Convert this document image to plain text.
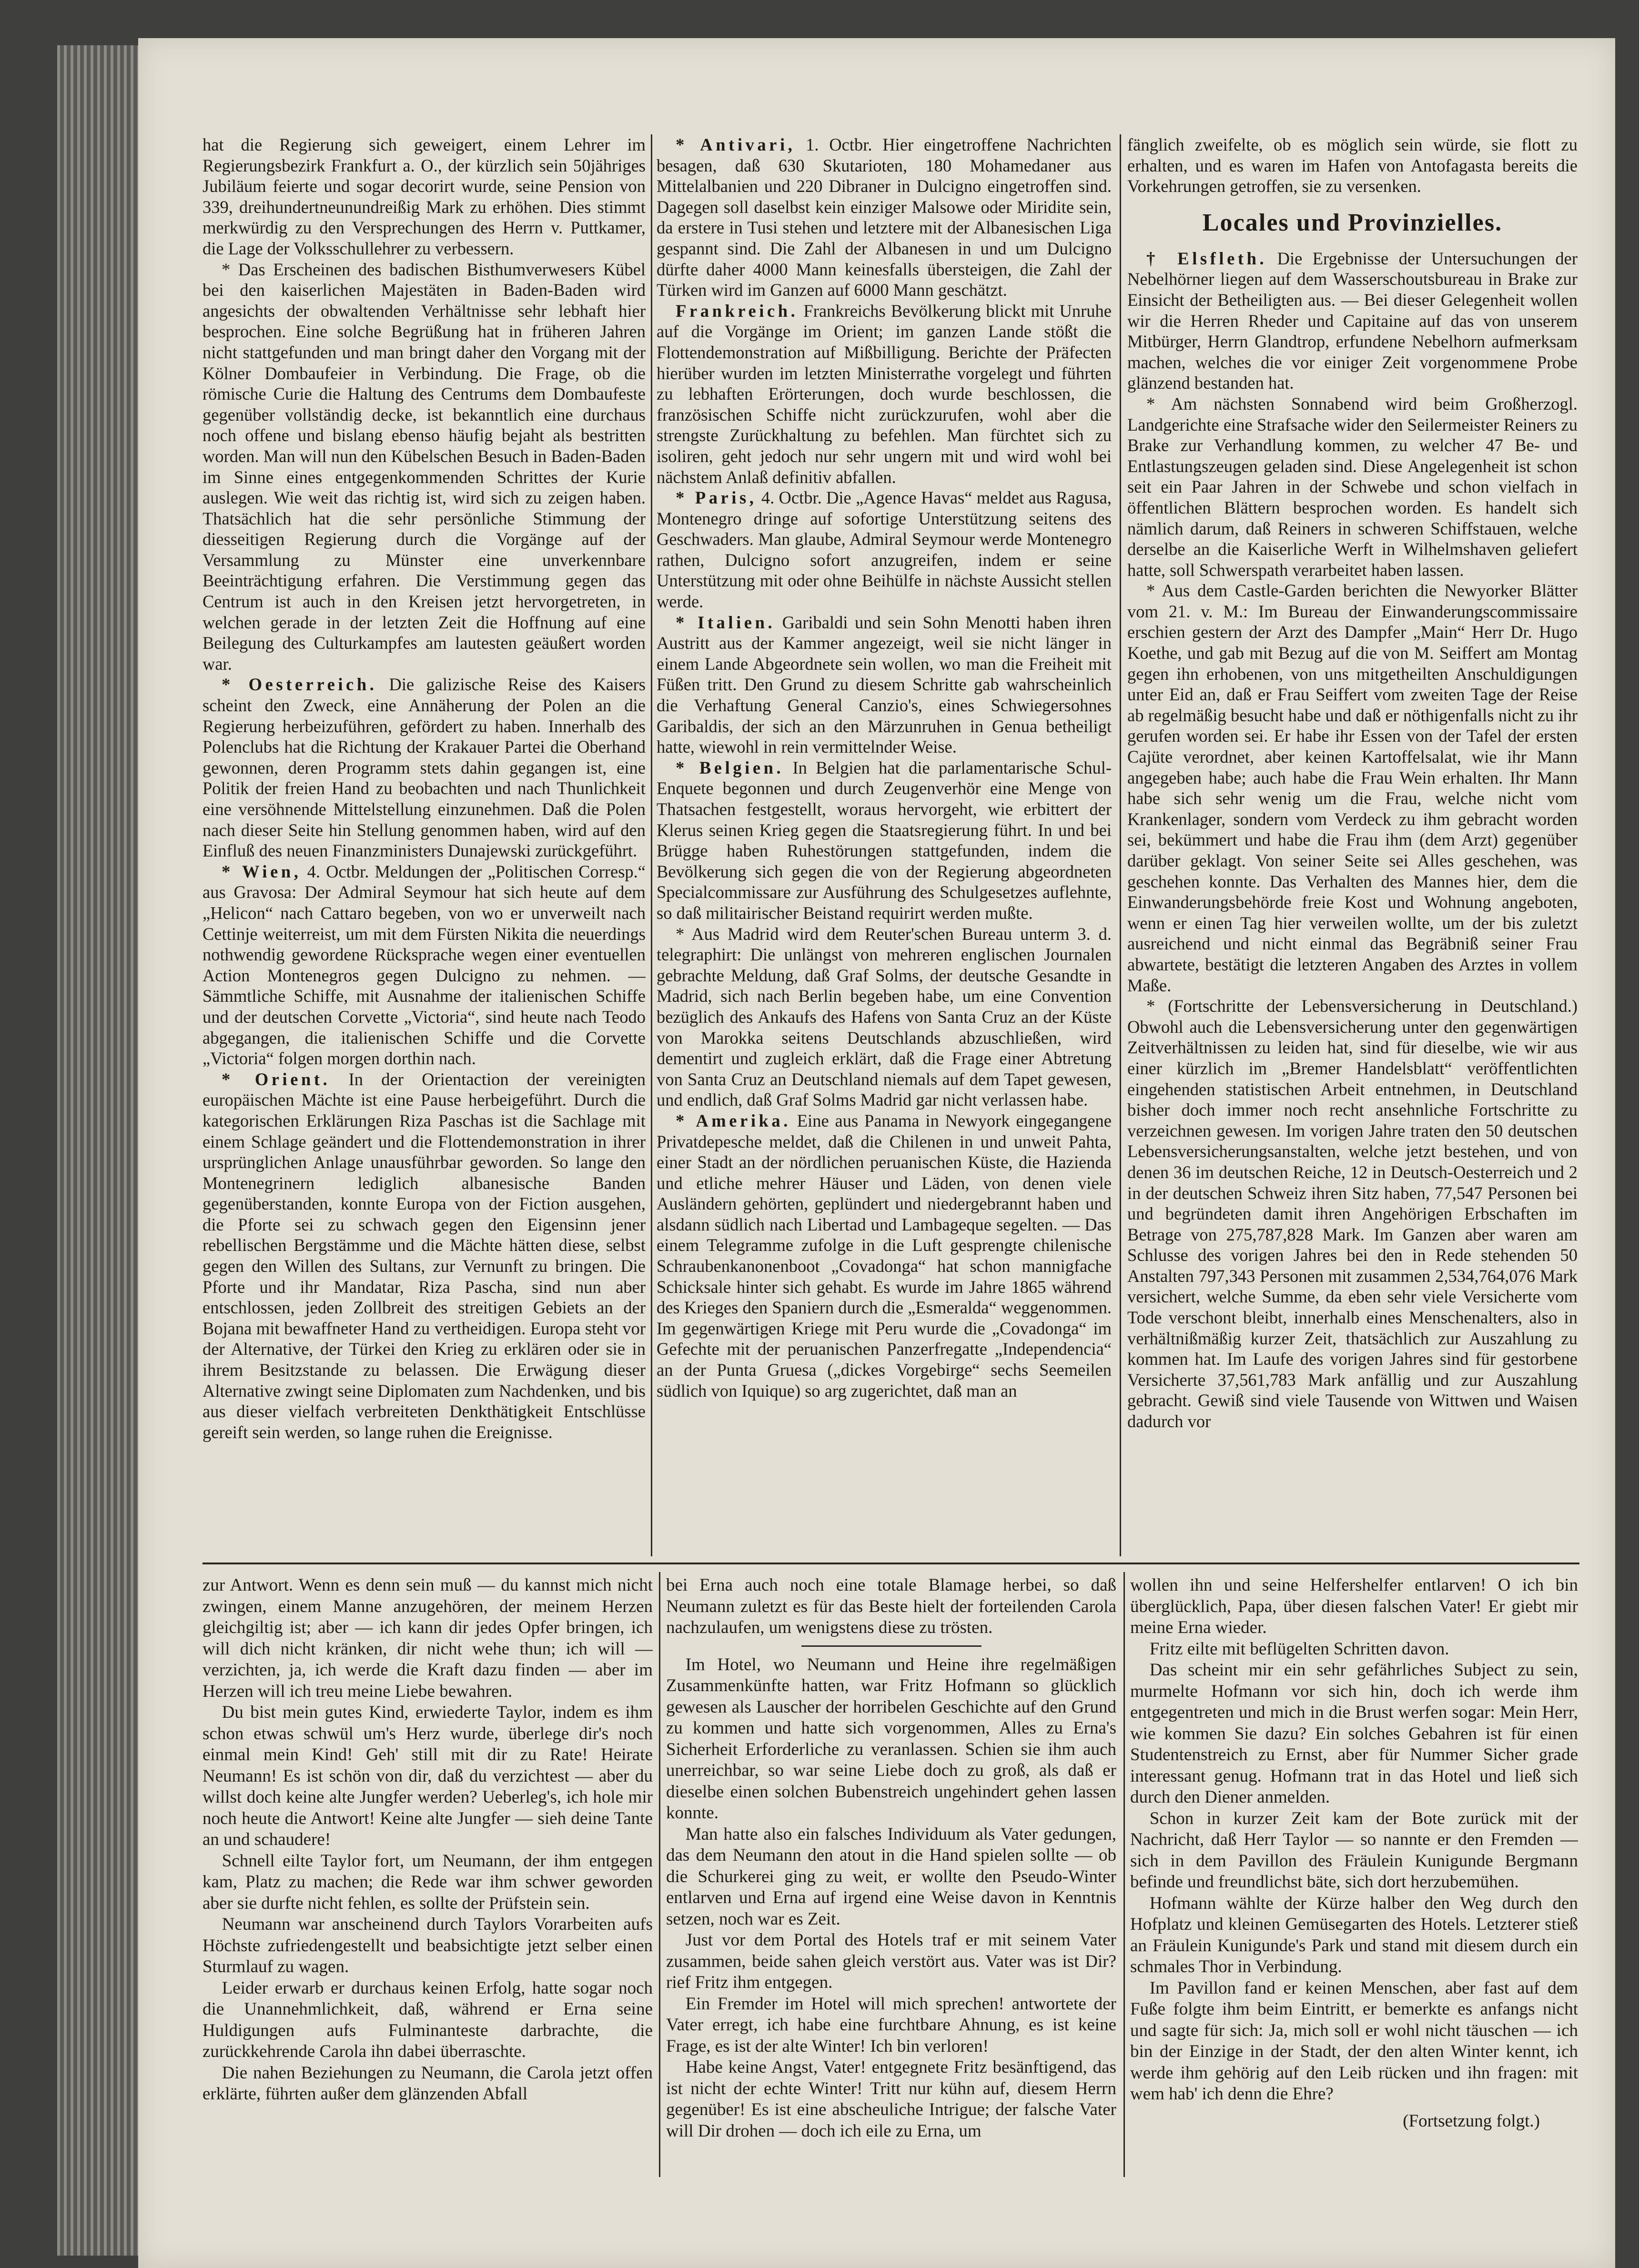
hat die Regierung sich geweigert, einem Lehrer im Regierungsbezirk Frankfurt a. O., der kürzlich sein 50jähriges Jubiläum feierte und sogar decorirt wurde, seine Pension von 339, dreihundertneunundreißig Mark zu erhöhen. Dies stimmt merkwürdig zu den Versprechungen des Herrn v. Puttkamer, die Lage der Volksschullehrer zu verbessern.

* Das Erscheinen des badischen Bisthumverwesers Kübel bei den kaiserlichen Majestäten in Baden-Baden wird angesichts der obwaltenden Verhältnisse sehr lebhaft hier besprochen. Eine solche Begrüßung hat in früheren Jahren nicht stattgefunden und man bringt daher den Vorgang mit der Kölner Dombaufeier in Verbindung. Die Frage, ob die römische Curie die Haltung des Centrums dem Dombaufeste gegenüber vollständig decke, ist bekanntlich eine durchaus noch offene und bislang ebenso häufig bejaht als bestritten worden. Man will nun den Kübelschen Besuch in Baden-Baden im Sinne eines entgegenkommenden Schrittes der Kurie auslegen. Wie weit das richtig ist, wird sich zu zeigen haben. Thatsächlich hat die sehr persönliche Stimmung der diesseitigen Regierung durch die Vorgänge auf der Versammlung zu Münster eine unverkennbare Beeinträchtigung erfahren. Die Verstimmung gegen das Centrum ist auch in den Kreisen jetzt hervorgetreten, in welchen gerade in der letzten Zeit die Hoffnung auf eine Beilegung des Culturkampfes am lautesten geäußert worden war.

* Oesterreich. Die galizische Reise des Kaisers scheint den Zweck, eine Annäherung der Polen an die Regierung herbeizuführen, gefördert zu haben. Innerhalb des Polenclubs hat die Richtung der Krakauer Partei die Oberhand gewonnen, deren Programm stets dahin gegangen ist, eine Politik der freien Hand zu beobachten und nach Thunlichkeit eine versöhnende Mittelstellung einzunehmen. Daß die Polen nach dieser Seite hin Stellung genommen haben, wird auf den Einfluß des neuen Finanzministers Dunajewski zurückgeführt.

* Wien, 4. Octbr. Meldungen der „Politischen Corresp.“ aus Gravosa: Der Admiral Seymour hat sich heute auf dem „Helicon“ nach Cattaro begeben, von wo er unverweilt nach Cettinje weiterreist, um mit dem Fürsten Nikita die neuerdings nothwendig gewordene Rücksprache wegen einer eventuellen Action Montenegros gegen Dulcigno zu nehmen. — Sämmtliche Schiffe, mit Ausnahme der italienischen Schiffe und der deutschen Corvette „Victoria“, sind heute nach Teodo abgegangen, die italienischen Schiffe und die Corvette „Victoria“ folgen morgen dorthin nach.

* Orient. In der Orientaction der vereinigten europäischen Mächte ist eine Pause herbeigeführt. Durch die kategorischen Erklärungen Riza Paschas ist die Sachlage mit einem Schlage geändert und die Flottendemonstration in ihrer ursprünglichen Anlage unausführbar geworden. So lange den Montenegrinern lediglich albanesische Banden gegenüberstanden, konnte Europa von der Fiction ausgehen, die Pforte sei zu schwach gegen den Eigensinn jener rebellischen Bergstämme und die Mächte hätten diese, selbst gegen den Willen des Sultans, zur Vernunft zu bringen. Die Pforte und ihr Mandatar, Riza Pascha, sind nun aber entschlossen, jeden Zollbreit des streitigen Gebiets an der Bojana mit bewaffneter Hand zu vertheidigen. Europa steht vor der Alternative, der Türkei den Krieg zu erklären oder sie in ihrem Besitzstande zu belassen. Die Erwägung dieser Alternative zwingt seine Diplomaten zum Nachdenken, und bis aus dieser vielfach verbreiteten Denkthätigkeit Entschlüsse gereift sein werden, so lange ruhen die Ereignisse.

* Antivari, 1. Octbr. Hier eingetroffene Nachrichten besagen, daß 630 Skutarioten, 180 Mohamedaner aus Mittelalbanien und 220 Dibraner in Dulcigno eingetroffen sind. Dagegen soll daselbst kein einziger Malsowe oder Miridite sein, da erstere in Tusi stehen und letztere mit der Albanesischen Liga gespannt sind. Die Zahl der Albanesen in und um Dulcigno dürfte daher 4000 Mann keinesfalls übersteigen, die Zahl der Türken wird im Ganzen auf 6000 Mann geschätzt.

Frankreich. Frankreichs Bevölkerung blickt mit Unruhe auf die Vorgänge im Orient; im ganzen Lande stößt die Flottendemonstration auf Mißbilligung. Berichte der Präfecten hierüber wurden im letzten Ministerrathe vorgelegt und führten zu lebhaften Erörterungen, doch wurde beschlossen, die französischen Schiffe nicht zurückzurufen, wohl aber die strengste Zurückhaltung zu befehlen. Man fürchtet sich zu isoliren, geht jedoch nur sehr ungern mit und wird wohl bei nächstem Anlaß definitiv abfallen.

* Paris, 4. Octbr. Die „Agence Havas“ meldet aus Ragusa, Montenegro dringe auf sofortige Unterstützung seitens des Geschwaders. Man glaube, Admiral Seymour werde Montenegro rathen, Dulcigno sofort anzugreifen, indem er seine Unterstützung mit oder ohne Beihülfe in nächste Aussicht stellen werde.

* Italien. Garibaldi und sein Sohn Menotti haben ihren Austritt aus der Kammer angezeigt, weil sie nicht länger in einem Lande Abgeordnete sein wollen, wo man die Freiheit mit Füßen tritt. Den Grund zu diesem Schritte gab wahrscheinlich die Verhaftung General Canzio's, eines Schwiegersohnes Garibaldis, der sich an den Märzunruhen in Genua betheiligt hatte, wiewohl in rein vermittelnder Weise.

* Belgien. In Belgien hat die parlamentarische Schul-Enquete begonnen und durch Zeugenverhör eine Menge von Thatsachen festgestellt, woraus hervorgeht, wie erbittert der Klerus seinen Krieg gegen die Staatsregierung führt. In und bei Brügge haben Ruhestörungen stattgefunden, indem die Bevölkerung sich gegen die von der Regierung abgeordneten Specialcommissare zur Ausführung des Schulgesetzes auflehnte, so daß militairischer Beistand requirirt werden mußte.

* Aus Madrid wird dem Reuter'schen Bureau unterm 3. d. telegraphirt: Die unlängst von mehreren englischen Journalen gebrachte Meldung, daß Graf Solms, der deutsche Gesandte in Madrid, sich nach Berlin begeben habe, um eine Convention bezüglich des Ankaufs des Hafens von Santa Cruz an der Küste von Marokka seitens Deutschlands abzuschließen, wird dementirt und zugleich erklärt, daß die Frage einer Abtretung von Santa Cruz an Deutschland niemals auf dem Tapet gewesen, und endlich, daß Graf Solms Madrid gar nicht verlassen habe.

* Amerika. Eine aus Panama in Newyork eingegangene Privatdepesche meldet, daß die Chilenen in und unweit Pahta, einer Stadt an der nördlichen peruanischen Küste, die Hazienda und etliche mehrer Häuser und Läden, von denen viele Ausländern gehörten, geplündert und niedergebrannt haben und alsdann südlich nach Libertad und Lambageque segelten. — Das einem Telegramme zufolge in die Luft gesprengte chilenische Schraubenkanonenboot „Covadonga“ hat schon mannigfache Schicksale hinter sich gehabt. Es wurde im Jahre 1865 während des Krieges den Spaniern durch die „Esmeralda“ weggenommen. Im gegenwärtigen Kriege mit Peru wurde die „Covadonga“ im Gefechte mit der peruanischen Panzerfregatte „Independencia“ an der Punta Gruesa („dickes Vorgebirge“ sechs Seemeilen südlich von Iquique) so arg zugerichtet, daß man an

fänglich zweifelte, ob es möglich sein würde, sie flott zu erhalten, und es waren im Hafen von Antofagasta bereits die Vorkehrungen getroffen, sie zu versenken.

Locales und Provinzielles.

† Elsfleth. Die Ergebnisse der Untersuchungen der Nebelhörner liegen auf dem Wasserschoutsbureau in Brake zur Einsicht der Betheiligten aus. — Bei dieser Gelegenheit wollen wir die Herren Rheder und Capitaine auf das von unserem Mitbürger, Herrn Glandtrop, erfundene Nebelhorn aufmerksam machen, welches die vor einiger Zeit vorgenommene Probe glänzend bestanden hat.

* Am nächsten Sonnabend wird beim Großherzogl. Landgerichte eine Strafsache wider den Seilermeister Reiners zu Brake zur Verhandlung kommen, zu welcher 47 Be- und Entlastungszeugen geladen sind. Diese Angelegenheit ist schon seit ein Paar Jahren in der Schwebe und schon vielfach in öffentlichen Blättern besprochen worden. Es handelt sich nämlich darum, daß Reiners in schweren Schiffstauen, welche derselbe an die Kaiserliche Werft in Wilhelmshaven geliefert hatte, soll Schwerspath verarbeitet haben lassen.

* Aus dem Castle-Garden berichten die Newyorker Blätter vom 21. v. M.: Im Bureau der Einwanderungscommissaire erschien gestern der Arzt des Dampfer „Main“ Herr Dr. Hugo Koethe, und gab mit Bezug auf die von M. Seiffert am Montag gegen ihn erhobenen, von uns mitgetheilten Anschuldigungen unter Eid an, daß er Frau Seiffert vom zweiten Tage der Reise ab regelmäßig besucht habe und daß er nöthigenfalls nicht zu ihr gerufen worden sei. Er habe ihr Essen von der Tafel der ersten Cajüte verordnet, aber keinen Kartoffelsalat, wie ihr Mann angegeben habe; auch habe die Frau Wein erhalten. Ihr Mann habe sich sehr wenig um die Frau, welche nicht vom Krankenlager, sondern vom Verdeck zu ihm gebracht worden sei, bekümmert und habe die Frau ihm (dem Arzt) gegenüber darüber geklagt. Von seiner Seite sei Alles geschehen, was geschehen konnte. Das Verhalten des Mannes hier, dem die Einwanderungsbehörde freie Kost und Wohnung angeboten, wenn er einen Tag hier verweilen wollte, um der bis zuletzt ausreichend und nicht einmal das Begräbniß seiner Frau abwartete, bestätigt die letzteren Angaben des Arztes in vollem Maße.

* (Fortschritte der Lebensversicherung in Deutschland.) Obwohl auch die Lebensversicherung unter den gegenwärtigen Zeitverhältnissen zu leiden hat, sind für dieselbe, wie wir aus einer kürzlich im „Bremer Handelsblatt“ veröffentlichten eingehenden statistischen Arbeit entnehmen, in Deutschland bisher doch immer noch recht ansehnliche Fortschritte zu verzeichnen gewesen. Im vorigen Jahre traten den 50 deutschen Lebensversicherungsanstalten, welche jetzt bestehen, und von denen 36 im deutschen Reiche, 12 in Deutsch-Oesterreich und 2 in der deutschen Schweiz ihren Sitz haben, 77,547 Personen bei und begründeten damit ihren Angehörigen Erbschaften im Betrage von 275,787,828 Mark. Im Ganzen aber waren am Schlusse des vorigen Jahres bei den in Rede stehenden 50 Anstalten 797,343 Personen mit zusammen 2,534,764,076 Mark versichert, welche Summe, da eben sehr viele Versicherte vom Tode verschont bleibt, innerhalb eines Menschenalters, also in verhältnißmäßig kurzer Zeit, thatsächlich zur Auszahlung zu kommen hat. Im Laufe des vorigen Jahres sind für gestorbene Versicherte 37,561,783 Mark anfällig und zur Auszahlung gebracht. Gewiß sind viele Tausende von Wittwen und Waisen dadurch vor

zur Antwort. Wenn es denn sein muß — du kannst mich nicht zwingen, einem Manne anzugehören, der meinem Herzen gleichgiltig ist; aber — ich kann dir jedes Opfer bringen, ich will dich nicht kränken, dir nicht wehe thun; ich will — verzichten, ja, ich werde die Kraft dazu finden — aber im Herzen will ich treu meine Liebe bewahren.

Du bist mein gutes Kind, erwiederte Taylor, indem es ihm schon etwas schwül um's Herz wurde, überlege dir's noch einmal mein Kind! Geh' still mit dir zu Rate! Heirate Neumann! Es ist schön von dir, daß du verzichtest — aber du willst doch keine alte Jungfer werden? Ueberleg's, ich hole mir noch heute die Antwort! Keine alte Jungfer — sieh deine Tante an und schaudere!

Schnell eilte Taylor fort, um Neumann, der ihm entgegen kam, Platz zu machen; die Rede war ihm schwer geworden aber sie durfte nicht fehlen, es sollte der Prüfstein sein.

Neumann war anscheinend durch Taylors Vorarbeiten aufs Höchste zufriedengestellt und beabsichtigte jetzt selber einen Sturmlauf zu wagen.

Leider erwarb er durchaus keinen Erfolg, hatte sogar noch die Unannehmlichkeit, daß, während er Erna seine Huldigungen aufs Fulminanteste darbrachte, die zurückkehrende Carola ihn dabei überraschte.

Die nahen Beziehungen zu Neumann, die Carola jetzt offen erklärte, führten außer dem glänzenden Abfall

bei Erna auch noch eine totale Blamage herbei, so daß Neumann zuletzt es für das Beste hielt der forteilenden Carola nachzulaufen, um wenigstens diese zu trösten.

Im Hotel, wo Neumann und Heine ihre regelmäßigen Zusammenkünfte hatten, war Fritz Hofmann so glücklich gewesen als Lauscher der horribelen Geschichte auf den Grund zu kommen und hatte sich vorgenommen, Alles zu Erna's Sicherheit Erforderliche zu veranlassen. Schien sie ihm auch unerreichbar, so war seine Liebe doch zu groß, als daß er dieselbe einen solchen Bubenstreich ungehindert gehen lassen konnte.

Man hatte also ein falsches Individuum als Vater gedungen, das dem Neumann den atout in die Hand spielen sollte — ob die Schurkerei ging zu weit, er wollte den Pseudo-Winter entlarven und Erna auf irgend eine Weise davon in Kenntnis setzen, noch war es Zeit.

Just vor dem Portal des Hotels traf er mit seinem Vater zusammen, beide sahen gleich verstört aus. Vater was ist Dir? rief Fritz ihm entgegen.

Ein Fremder im Hotel will mich sprechen! antwortete der Vater erregt, ich habe eine furchtbare Ahnung, es ist keine Frage, es ist der alte Winter! Ich bin verloren!

Habe keine Angst, Vater! entgegnete Fritz besänftigend, das ist nicht der echte Winter! Tritt nur kühn auf, diesem Herrn gegenüber! Es ist eine abscheuliche Intrigue; der falsche Vater will Dir drohen — doch ich eile zu Erna, um

wollen ihn und seine Helfershelfer entlarven! O ich bin überglücklich, Papa, über diesen falschen Vater! Er giebt mir meine Erna wieder.

Fritz eilte mit beflügelten Schritten davon.

Das scheint mir ein sehr gefährliches Subject zu sein, murmelte Hofmann vor sich hin, doch ich werde ihm entgegentreten und mich in die Brust werfen sogar: Mein Herr, wie kommen Sie dazu? Ein solches Gebahren ist für einen Studentenstreich zu Ernst, aber für Nummer Sicher grade interessant genug. Hofmann trat in das Hotel und ließ sich durch den Diener anmelden.

Schon in kurzer Zeit kam der Bote zurück mit der Nachricht, daß Herr Taylor — so nannte er den Fremden — sich in dem Pavillon des Fräulein Kunigunde Bergmann befinde und freundlichst bäte, sich dort herzubemühen.

Hofmann wählte der Kürze halber den Weg durch den Hofplatz und kleinen Gemüsegarten des Hotels. Letzterer stieß an Fräulein Kunigunde's Park und stand mit diesem durch ein schmales Thor in Verbindung.

Im Pavillon fand er keinen Menschen, aber fast auf dem Fuße folgte ihm beim Eintritt, er bemerkte es anfangs nicht und sagte für sich: Ja, mich soll er wohl nicht täuschen — ich bin der Einzige in der Stadt, der den alten Winter kennt, ich werde ihm gehörig auf den Leib rücken und ihn fragen: mit wem hab' ich denn die Ehre?

(Fortsetzung folgt.)
